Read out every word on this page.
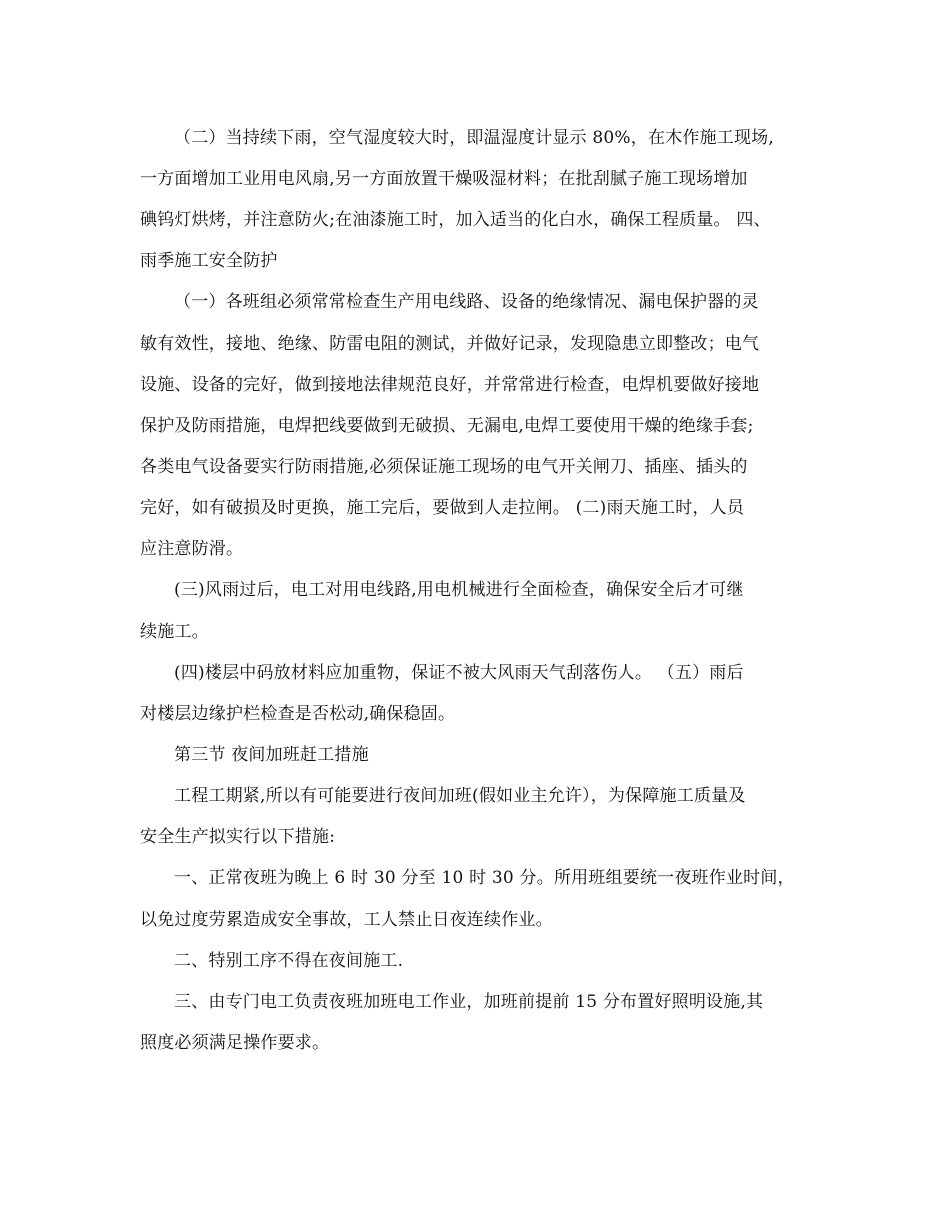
（二）当持续下雨，空气湿度较大时，即温湿度计显示 80%，在木作施工现场,
一方面增加工业用电风扇,另一方面放置干燥吸湿材料；在批刮腻子施工现场增加
碘钨灯烘烤，并注意防火;在油漆施工时，加入适当的化白水，确保工程质量。 四、
雨季施工安全防护
（一）各班组必须常常检查生产用电线路、设备的绝缘情况、漏电保护器的灵
敏有效性，接地、绝缘、防雷电阻的测试，并做好记录，发现隐患立即整改；电气
设施、设备的完好，做到接地法律规范良好，并常常进行检查，电焊机要做好接地
保护及防雨措施，电焊把线要做到无破损、无漏电,电焊工要使用干燥的绝缘手套;
各类电气设备要实行防雨措施,必须保证施工现场的电气开关闸刀、插座、插头的
完好，如有破损及时更换，施工完后，要做到人走拉闸。 (二)雨天施工时，人员
应注意防滑。
(三)风雨过后，电工对用电线路,用电机械进行全面检查，确保安全后才可继
续施工。
(四)楼层中码放材料应加重物，保证不被大风雨天气刮落伤人。 （五）雨后
对楼层边缘护栏检查是否松动,确保稳固。
第三节 夜间加班赶工措施
工程工期紧,所以有可能要进行夜间加班(假如业主允许），为保障施工质量及
安全生产拟实行以下措施:
一、正常夜班为晚上 6 时 30 分至 10 时 30 分。所用班组要统一夜班作业时间，
以免过度劳累造成安全事故，工人禁止日夜连续作业。
二、特别工序不得在夜间施工.
三、由专门电工负责夜班加班电工作业，加班前提前 15 分布置好照明设施,其
照度必须满足操作要求。
